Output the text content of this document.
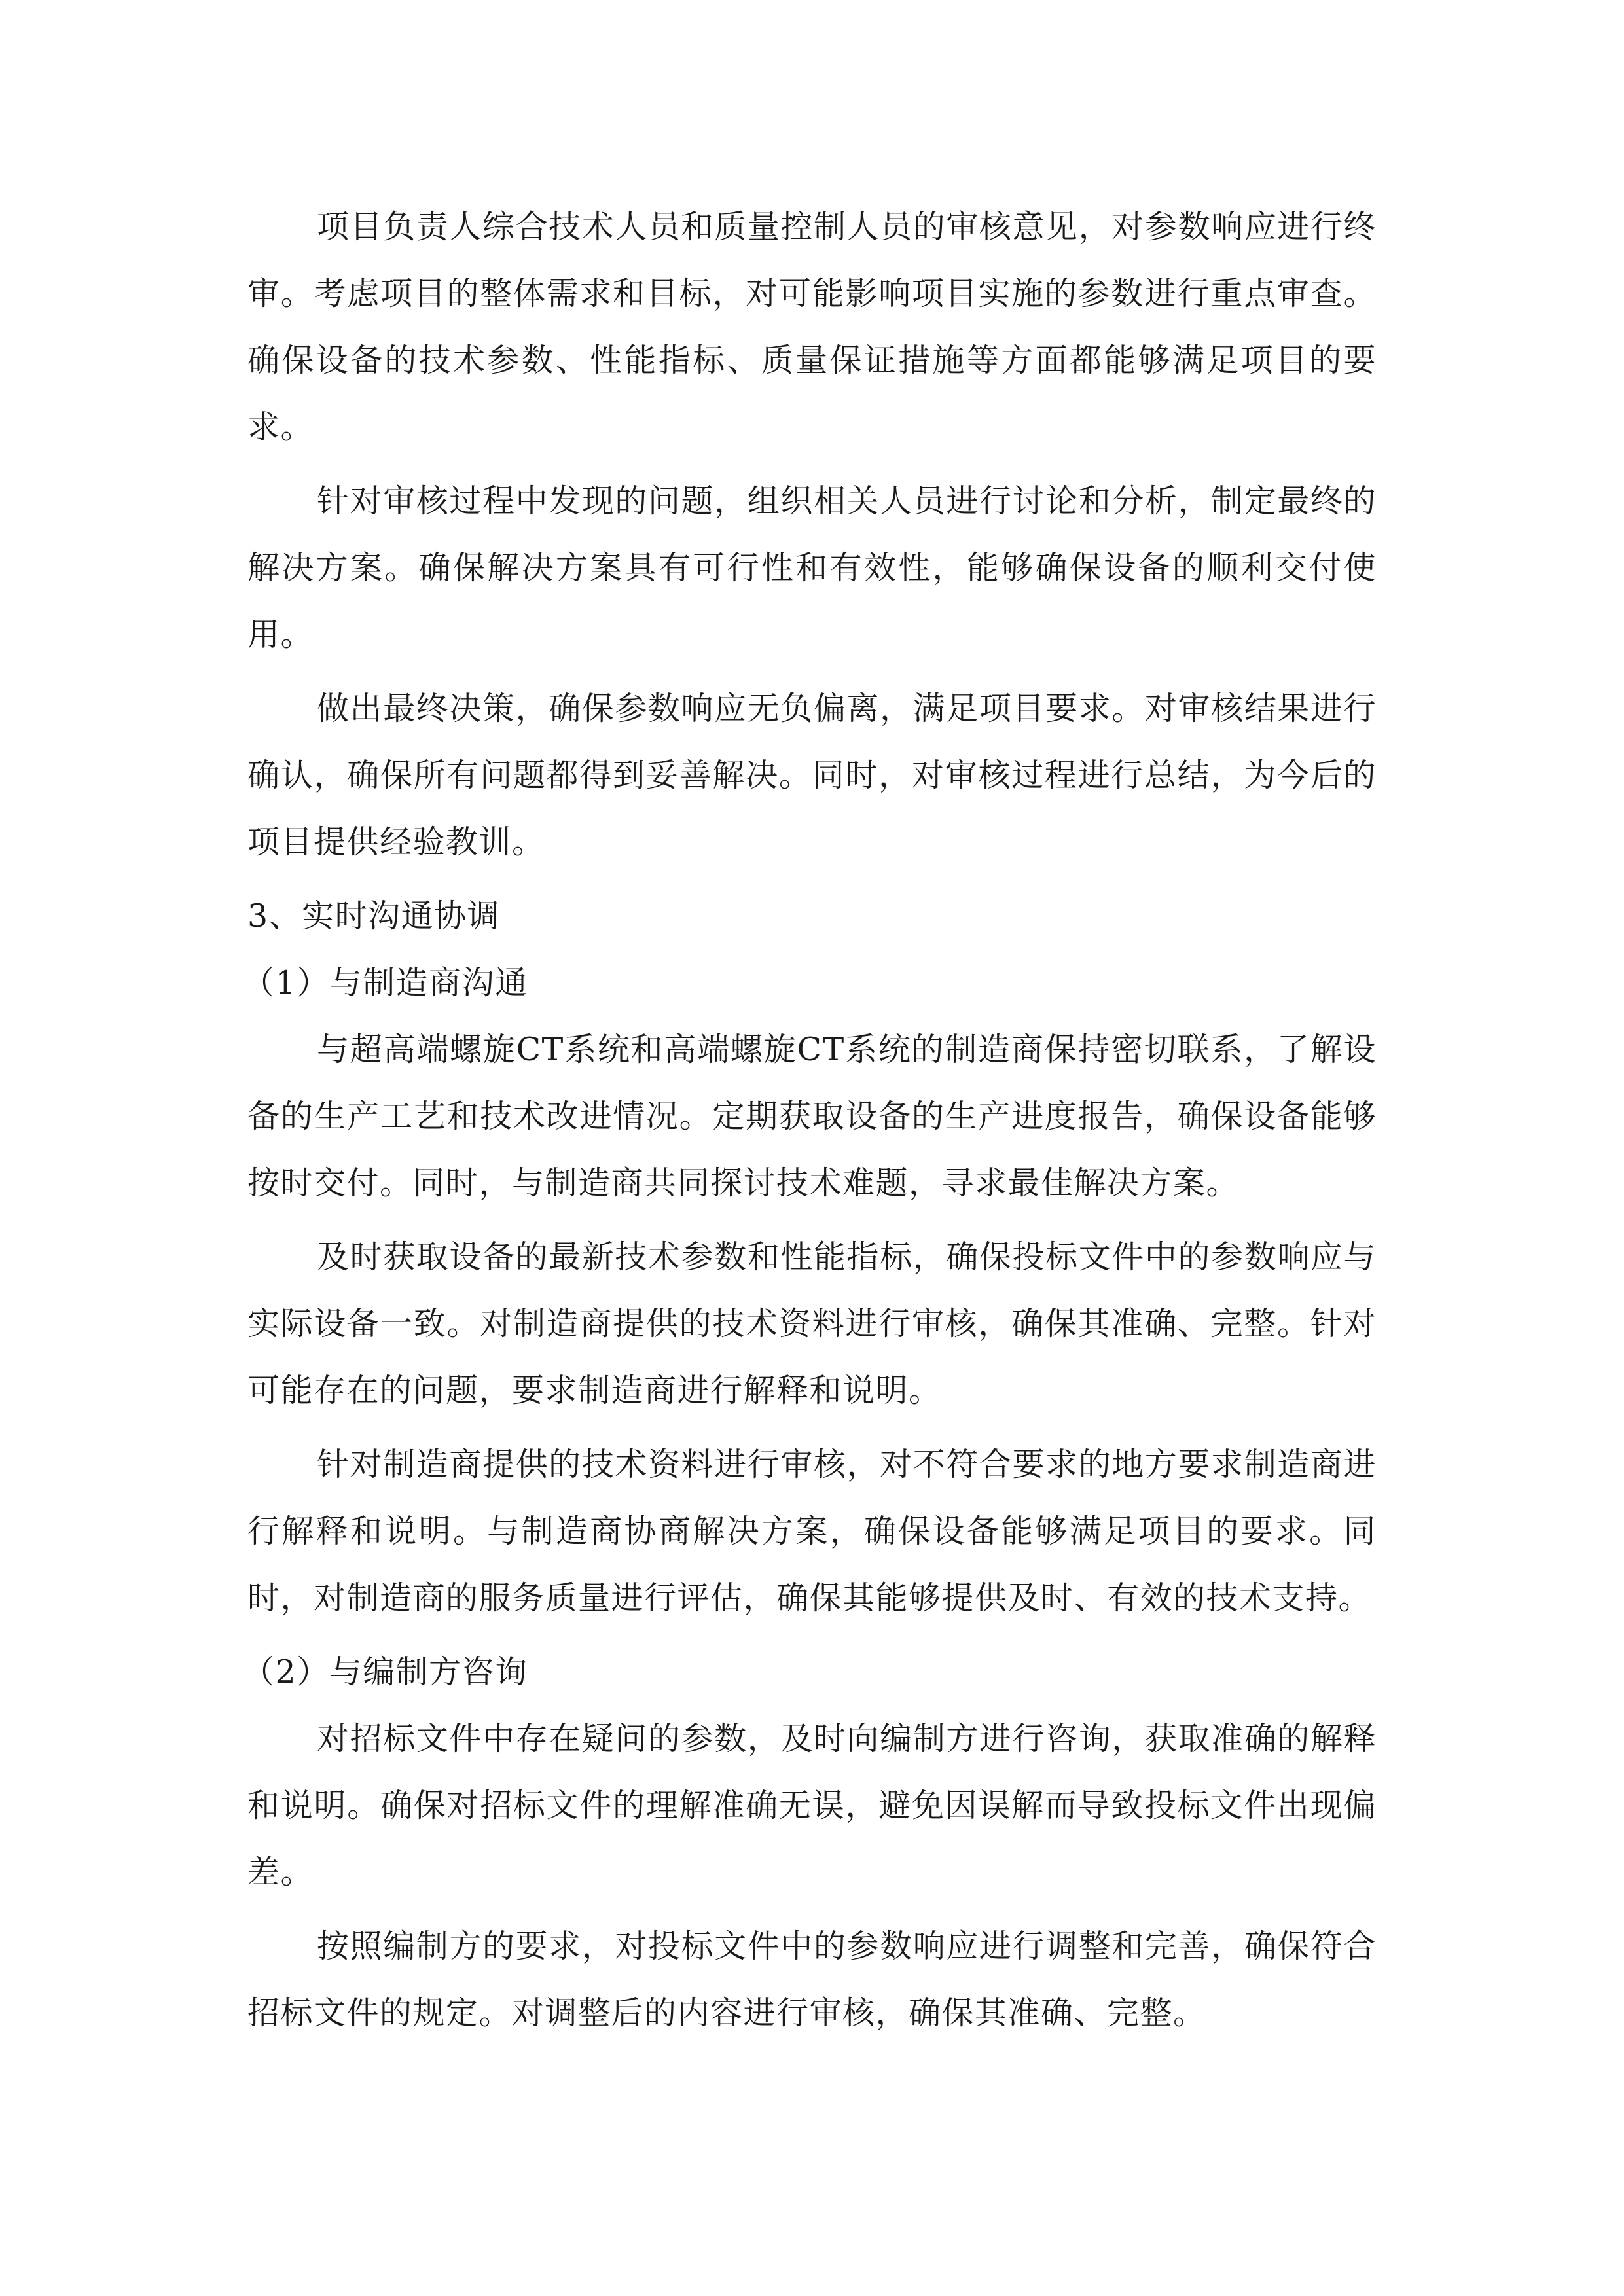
项目负责人综合技术人员和质量控制人员的审核意见，对参数响应进行终审。考虑项目的整体需求和目标，对可能影响项目实施的参数进行重点审查。确保设备的技术参数、性能指标、质量保证措施等方面都能够满足项目的要求。

针对审核过程中发现的问题，组织相关人员进行讨论和分析，制定最终的解决方案。确保解决方案具有可行性和有效性，能够确保设备的顺利交付使用。

做出最终决策，确保参数响应无负偏离，满足项目要求。对审核结果进行确认，确保所有问题都得到妥善解决。同时，对审核过程进行总结，为今后的项目提供经验教训。

3、实时沟通协调

（1）与制造商沟通

与超高端螺旋CT系统和高端螺旋CT系统的制造商保持密切联系，了解设备的生产工艺和技术改进情况。定期获取设备的生产进度报告，确保设备能够按时交付。同时，与制造商共同探讨技术难题，寻求最佳解决方案。

及时获取设备的最新技术参数和性能指标，确保投标文件中的参数响应与实际设备一致。对制造商提供的技术资料进行审核，确保其准确、完整。针对可能存在的问题，要求制造商进行解释和说明。

针对制造商提供的技术资料进行审核，对不符合要求的地方要求制造商进行解释和说明。与制造商协商解决方案，确保设备能够满足项目的要求。同时，对制造商的服务质量进行评估，确保其能够提供及时、有效的技术支持。

（2）与编制方咨询

对招标文件中存在疑问的参数，及时向编制方进行咨询，获取准确的解释和说明。确保对招标文件的理解准确无误，避免因误解而导致投标文件出现偏差。

按照编制方的要求，对投标文件中的参数响应进行调整和完善，确保符合招标文件的规定。对调整后的内容进行审核，确保其准确、完整。
